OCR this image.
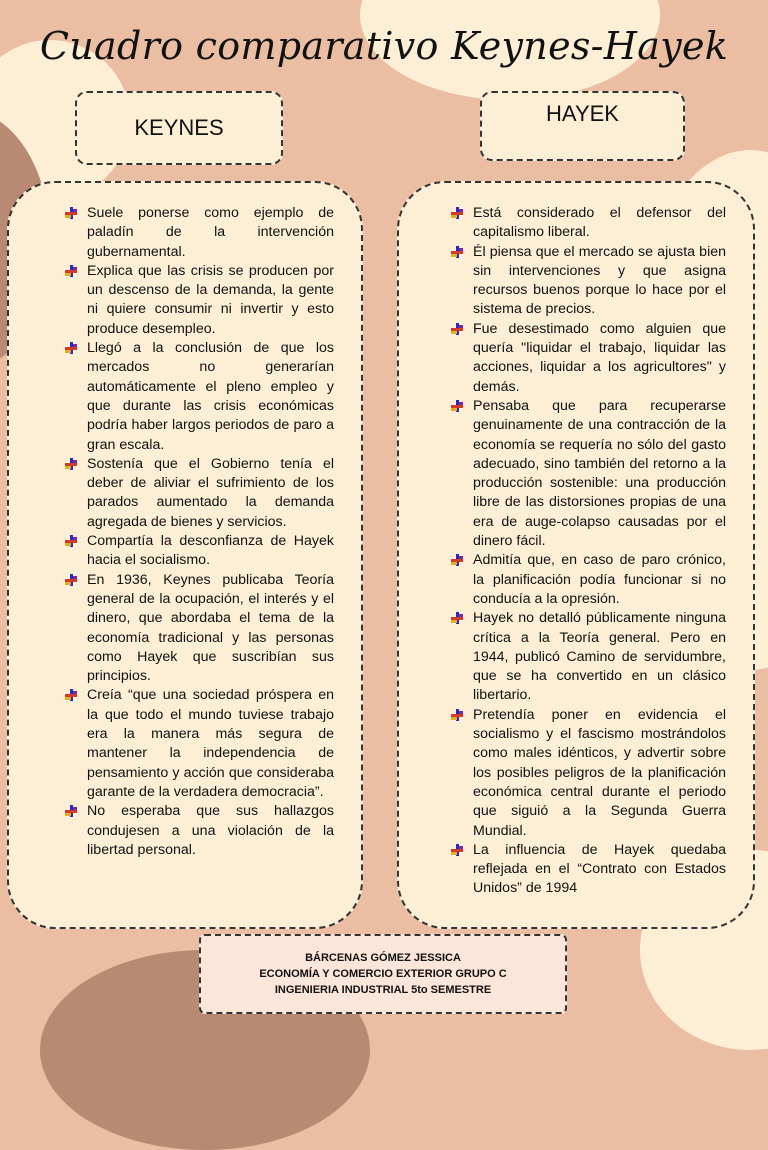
Cuadro comparativo Keynes-Hayek
KEYNES
HAYEK
Suele ponerse como ejemplo de paladín de la intervención gubernamental.
Explica que las crisis se producen por un descenso de la demanda, la gente ni quiere consumir ni invertir y esto produce desempleo.
Llegó a la conclusión de que los mercados no generarían automáticamente el pleno empleo y que durante las crisis económicas podría haber largos periodos de paro a gran escala.
Sostenía que el Gobierno tenía el deber de aliviar el sufrimiento de los parados aumentado la demanda agregada de bienes y servicios.
Compartía la desconfianza de Hayek hacia el socialismo.
En 1936, Keynes publicaba Teoría general de la ocupación, el interés y el dinero, que abordaba el tema de la economía tradicional y las personas como Hayek que suscribían sus principios.
Creía “que una sociedad próspera en la que todo el mundo tuviese trabajo era la manera más segura de mantener la independencia de pensamiento y acción que consideraba garante de la verdadera democracia”.
No esperaba que sus hallazgos condujesen a una violación de la libertad personal.
Está considerado el defensor del capitalismo liberal.
Él piensa que el mercado se ajusta bien sin intervenciones y que asigna recursos buenos porque lo hace por el sistema de precios.
Fue desestimado como alguien que quería "liquidar el trabajo, liquidar las acciones, liquidar a los agricultores" y demás.
Pensaba que para recuperarse genuinamente de una contracción de la economía se requería no sólo del gasto adecuado, sino también del retorno a la producción sostenible: una producción libre de las distorsiones propias de una era de auge-colapso causadas por el dinero fácil.
Admitía que, en caso de paro crónico, la planificación podía funcionar si no conducía a la opresión.
Hayek no detalló públicamente ninguna crítica a la Teoría general. Pero en 1944, publicó Camino de servidumbre, que se ha convertido en un clásico libertario.
Pretendía poner en evidencia el socialismo y el fascismo mostrándolos como males idénticos, y advertir sobre los posibles peligros de la planificación económica central durante el periodo que siguió a la Segunda Guerra Mundial.
La influencia de Hayek quedaba reflejada en el “Contrato con Estados Unidos” de 1994
BÁRCENAS GÓMEZ JESSICA
ECONOMÍA Y COMERCIO EXTERIOR GRUPO C
INGENIERIA INDUSTRIAL 5to SEMESTRE
